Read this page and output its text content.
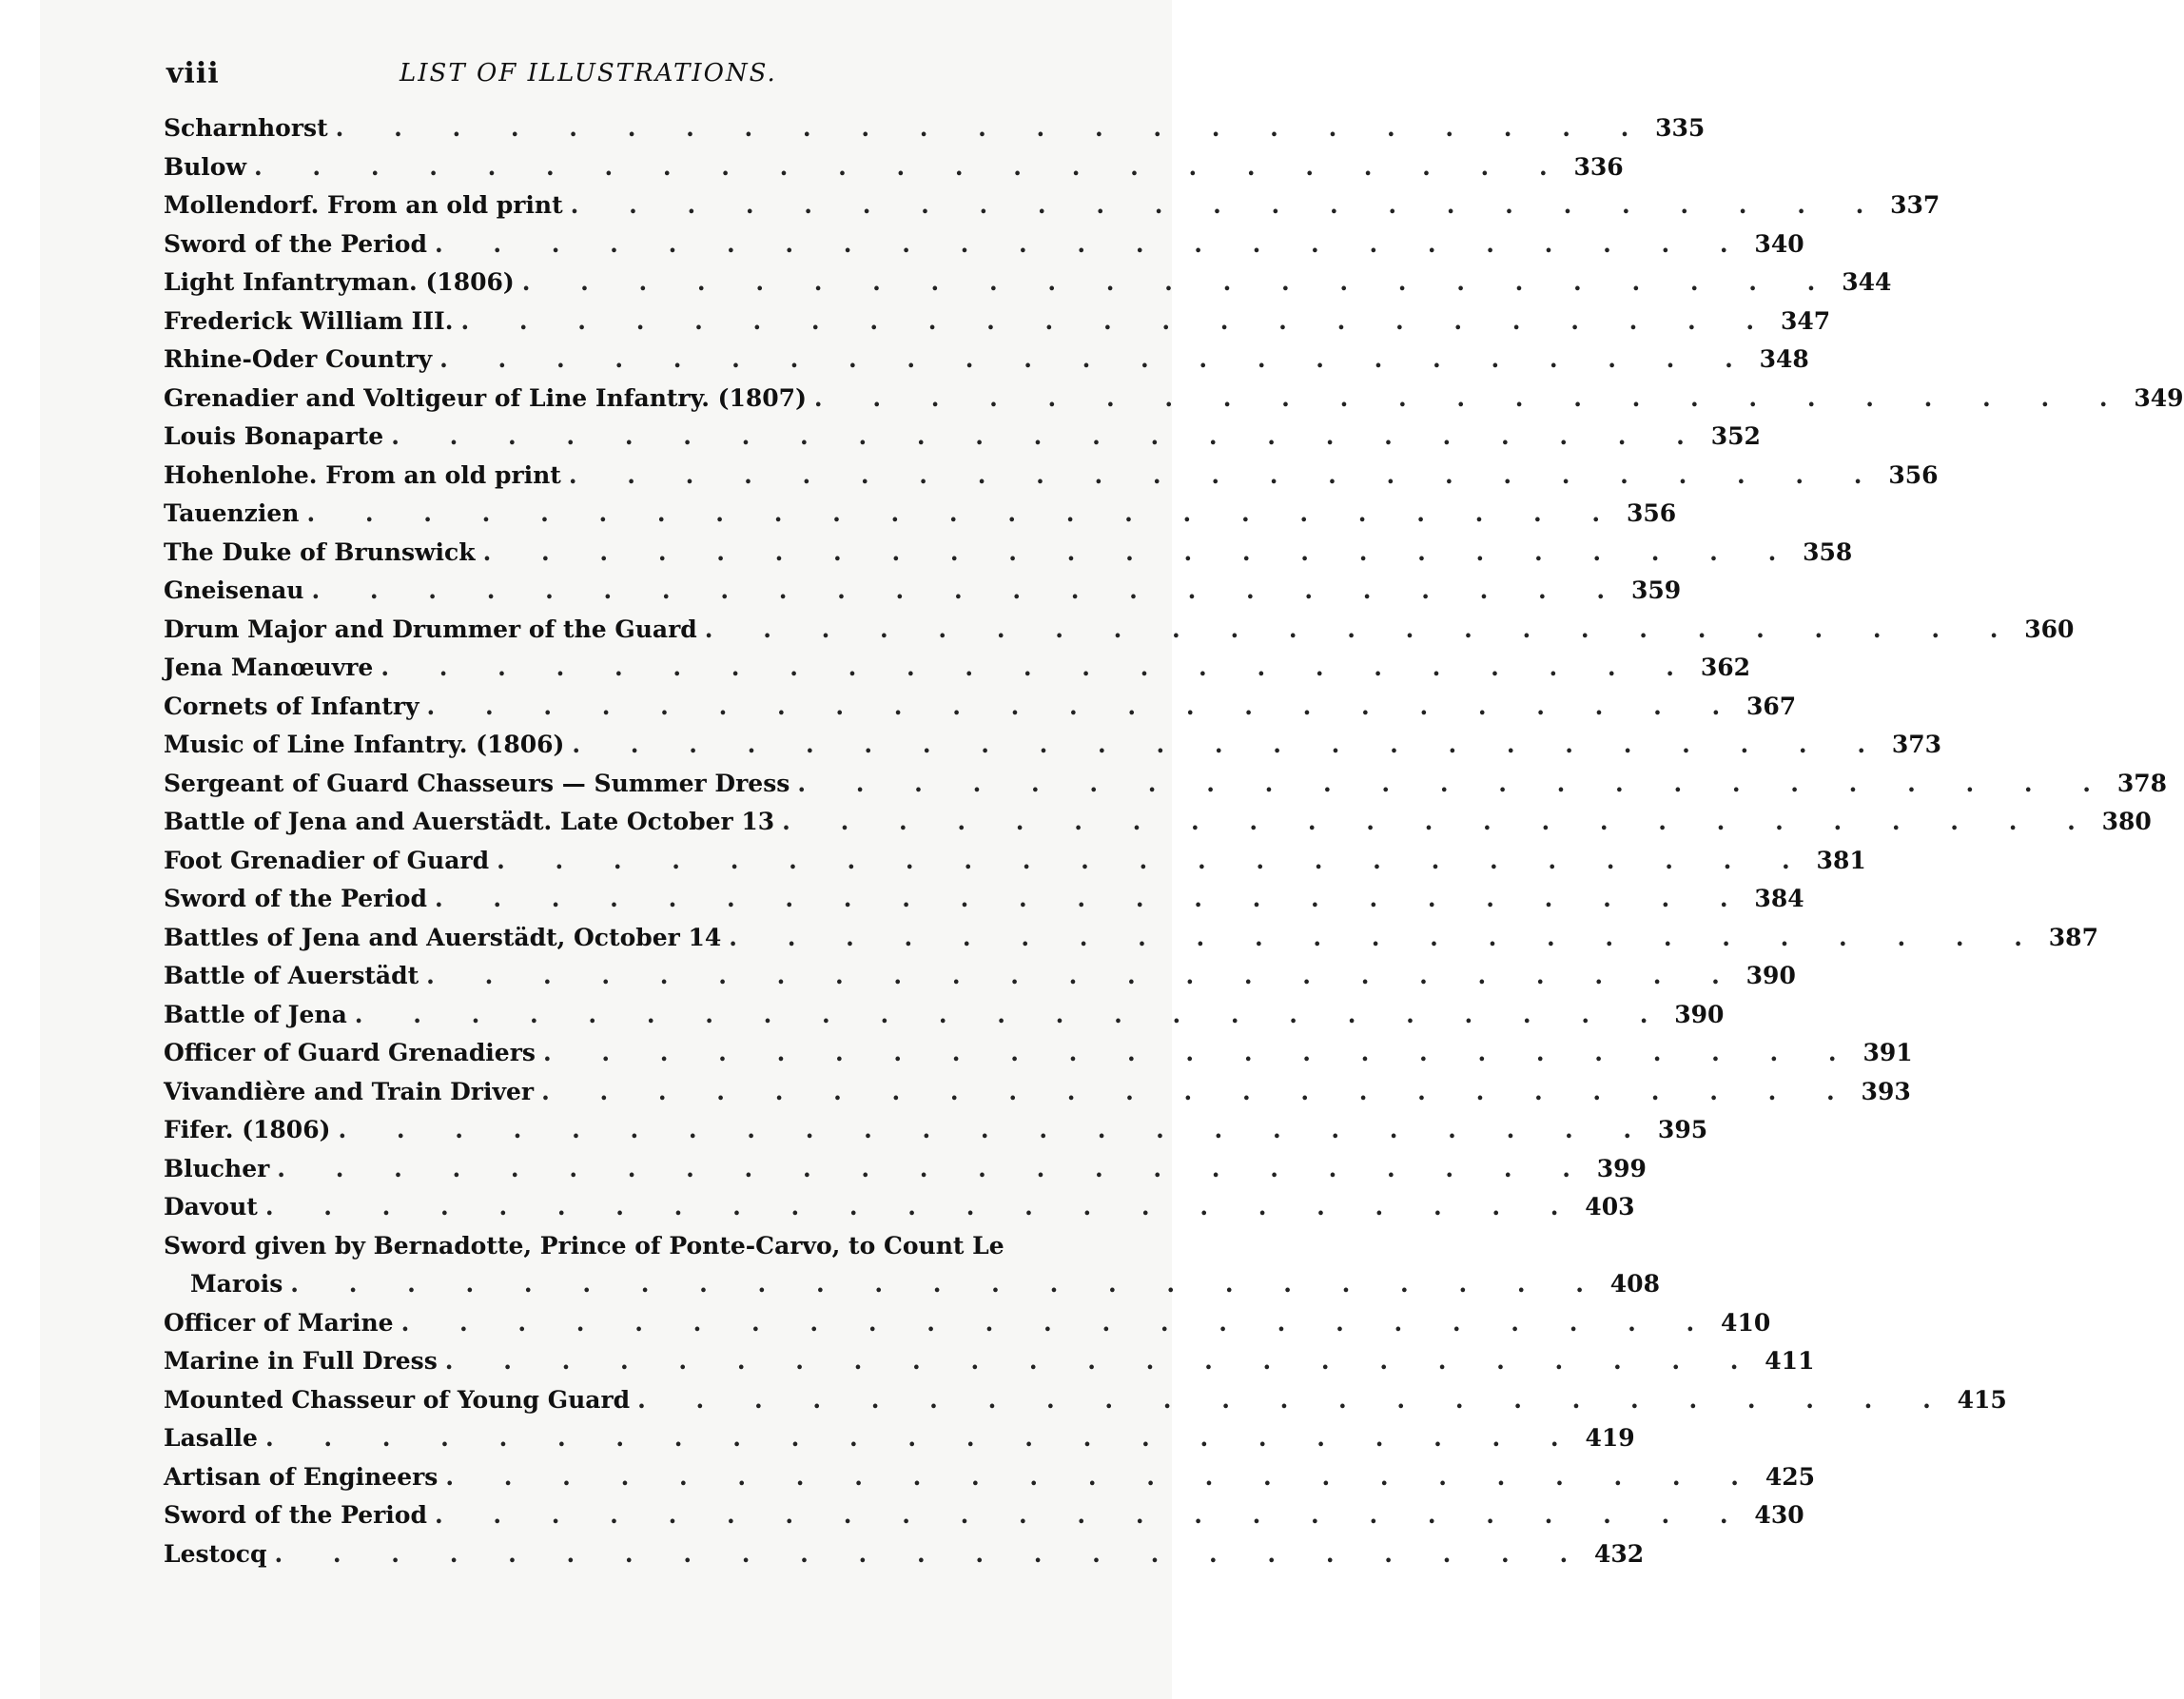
viii	LIST OF ILLUSTRATIONS.
Scharnhorst . . . . . . . . . . . . . . . . . . . . . . . 335
Bulow . . . . . . . . . . . . . . . . . . . . . . . 336
Mollendorf. From an old print . . . . . . . . . . . . . . . . . . . . . . . 337
Sword of the Period . . . . . . . . . . . . . . . . . . . . . . . 340
Light Infantryman. (1806) . . . . . . . . . . . . . . . . . . . . . . . 344
Frederick William III. . . . . . . . . . . . . . . . . . . . . . . . 347
Rhine-Oder Country . . . . . . . . . . . . . . . . . . . . . . . 348
Grenadier and Voltigeur of Line Infantry. (1807) . . . . . . . . . . . . . . . . . . . . . . . 349
Louis Bonaparte . . . . . . . . . . . . . . . . . . . . . . . 352
Hohenlohe. From an old print . . . . . . . . . . . . . . . . . . . . . . . 356
Tauenzien . . . . . . . . . . . . . . . . . . . . . . . 356
The Duke of Brunswick . . . . . . . . . . . . . . . . . . . . . . . 358
Gneisenau . . . . . . . . . . . . . . . . . . . . . . . 359
Drum Major and Drummer of the Guard . . . . . . . . . . . . . . . . . . . . . . . 360
Jena Manœuvre . . . . . . . . . . . . . . . . . . . . . . . 362
Cornets of Infantry . . . . . . . . . . . . . . . . . . . . . . . 367
Music of Line Infantry. (1806) . . . . . . . . . . . . . . . . . . . . . . . 373
Sergeant of Guard Chasseurs — Summer Dress . . . . . . . . . . . . . . . . . . . . . . . 378
Battle of Jena and Auerstädt. Late October 13 . . . . . . . . . . . . . . . . . . . . . . . 380
Foot Grenadier of Guard . . . . . . . . . . . . . . . . . . . . . . . 381
Sword of the Period . . . . . . . . . . . . . . . . . . . . . . . 384
Battles of Jena and Auerstädt, October 14 . . . . . . . . . . . . . . . . . . . . . . . 387
Battle of Auerstädt . . . . . . . . . . . . . . . . . . . . . . . 390
Battle of Jena . . . . . . . . . . . . . . . . . . . . . . . 390
Officer of Guard Grenadiers . . . . . . . . . . . . . . . . . . . . . . . 391
Vivandière and Train Driver . . . . . . . . . . . . . . . . . . . . . . . 393
Fifer. (1806) . . . . . . . . . . . . . . . . . . . . . . . 395
Blucher . . . . . . . . . . . . . . . . . . . . . . . 399
Davout . . . . . . . . . . . . . . . . . . . . . . . 403
Sword given by Bernadotte, Prince of Ponte-Carvo, to Count Le
Marois . . . . . . . . . . . . . . . . . . . . . . . 408
Officer of Marine . . . . . . . . . . . . . . . . . . . . . . . 410
Marine in Full Dress . . . . . . . . . . . . . . . . . . . . . . . 411
Mounted Chasseur of Young Guard . . . . . . . . . . . . . . . . . . . . . . . 415
Lasalle . . . . . . . . . . . . . . . . . . . . . . . 419
Artisan of Engineers . . . . . . . . . . . . . . . . . . . . . . . 425
Sword of the Period . . . . . . . . . . . . . . . . . . . . . . . 430
Lestocq . . . . . . . . . . . . . . . . . . . . . . . 432
